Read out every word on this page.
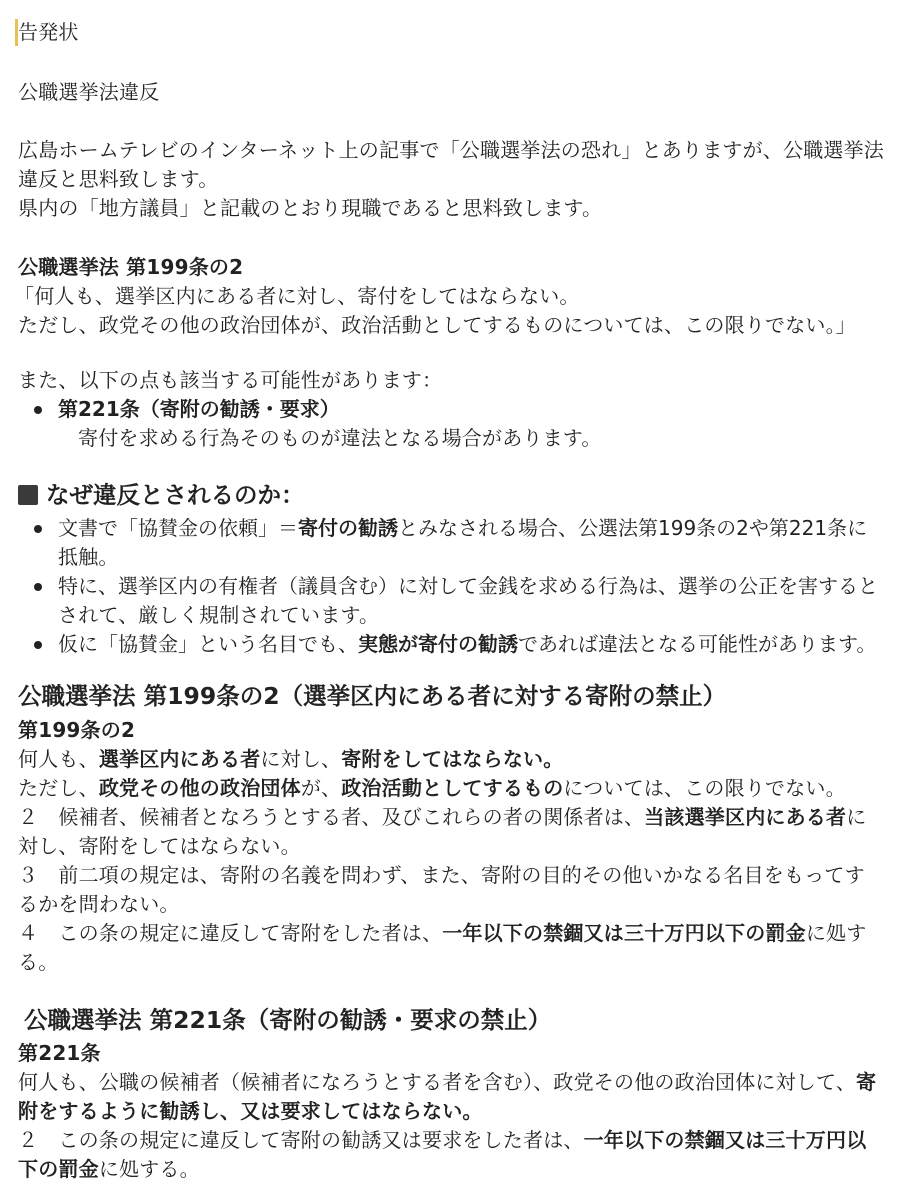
告発状
公職選挙法違反
広島ホームテレビのインターネット上の記事で「公職選挙法の恐れ」とありますが、公職選挙法
違反と思料致します。
県内の「地方議員」と記載のとおり現職であると思料致します。
公職選挙法 第199条の2
「何人も、選挙区内にある者に対し、寄付をしてはならない。
ただし、政党その他の政治団体が、政治活動としてするものについては、この限りでない。」
また、以下の点も該当する可能性があります：
第221条（寄附の勧誘・要求）
寄付を求める行為そのものが違法となる場合があります。
なぜ違反とされるのか：
文書で「協賛金の依頼」＝寄付の勧誘とみなされる場合、公選法第199条の2や第221条に
抵触。
特に、選挙区内の有権者（議員含む）に対して金銭を求める行為は、選挙の公正を害すると
されて、厳しく規制されています。
仮に「協賛金」という名目でも、実態が寄付の勧誘であれば違法となる可能性があります。
公職選挙法 第199条の2（選挙区内にある者に対する寄附の禁止）
第199条の2
何人も、選挙区内にある者に対し、寄附をしてはならない。
ただし、政党その他の政治団体が、政治活動としてするものについては、この限りでない。
２　候補者、候補者となろうとする者、及びこれらの者の関係者は、当該選挙区内にある者に
対し、寄附をしてはならない。
３　前二項の規定は、寄附の名義を問わず、また、寄附の目的その他いかなる名目をもってす
るかを問わない。
４　この条の規定に違反して寄附をした者は、一年以下の禁錮又は三十万円以下の罰金に処す
る。
公職選挙法 第221条（寄附の勧誘・要求の禁止）
第221条
何人も、公職の候補者（候補者になろうとする者を含む）、政党その他の政治団体に対して、寄
附をするように勧誘し、又は要求してはならない。
２　この条の規定に違反して寄附の勧誘又は要求をした者は、一年以下の禁錮又は三十万円以
下の罰金に処する。
